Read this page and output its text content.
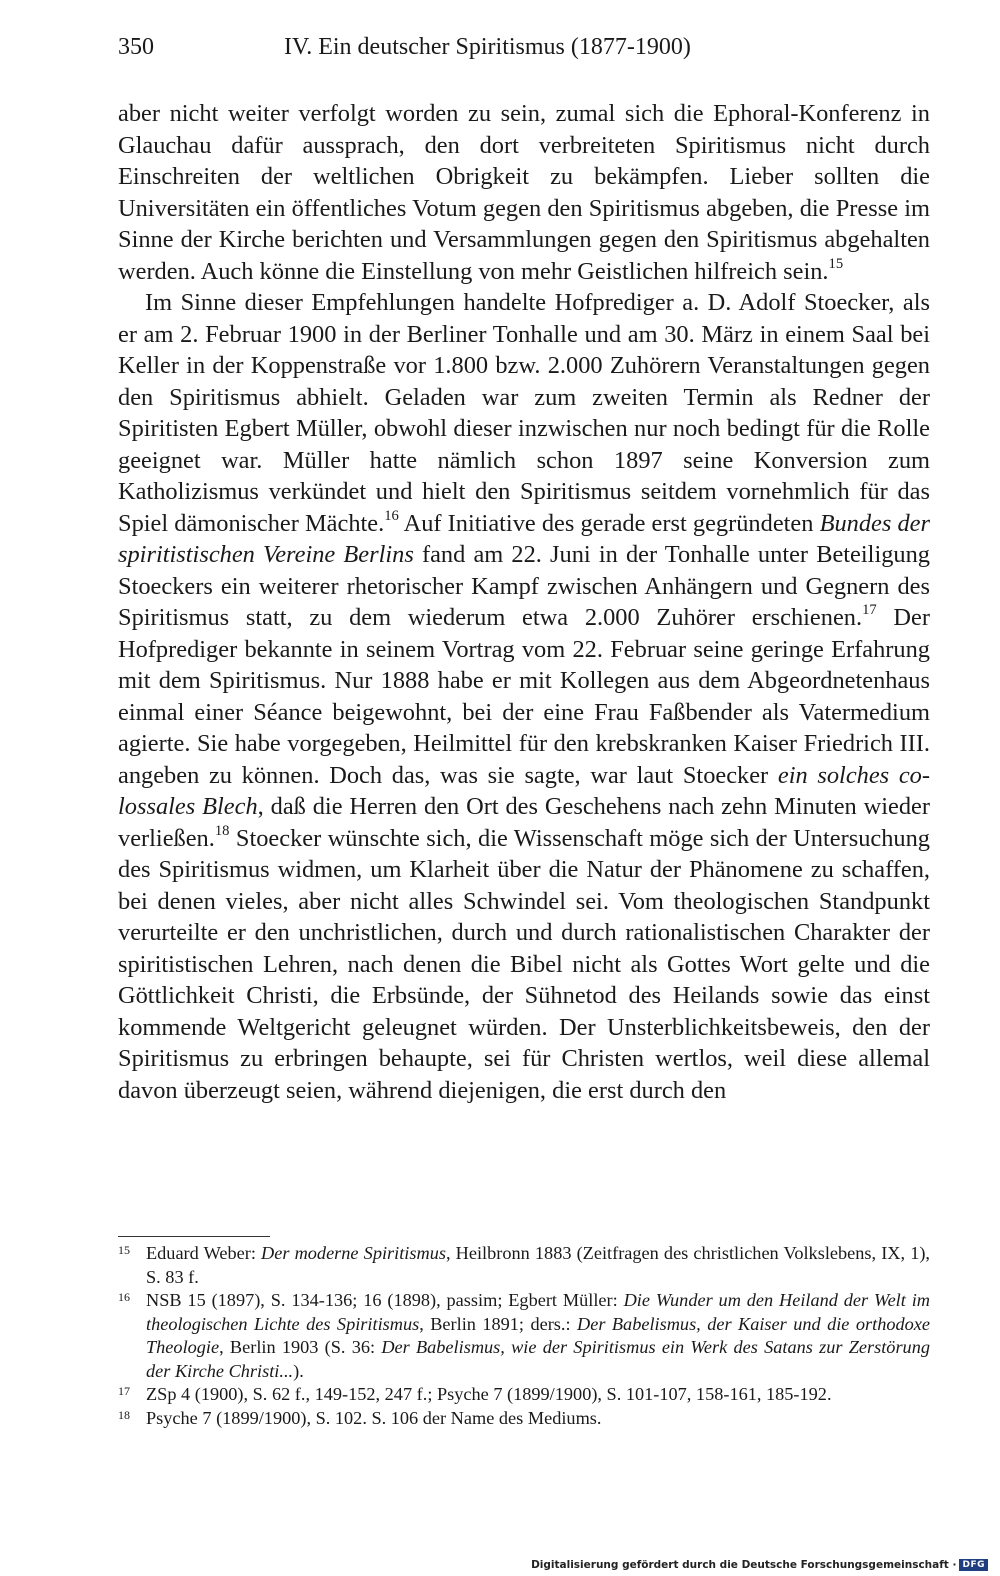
350	IV. Ein deutscher Spiritismus (1877-1900)

aber nicht weiter verfolgt worden zu sein, zumal sich die Ephoral-Konferenz in Glauchau dafür aussprach, den dort verbreiteten Spiritismus nicht durch Einschreiten der weltlichen Obrigkeit zu bekämpfen. Lieber sollten die Universitäten ein öffentliches Votum gegen den Spiritismus abgeben, die Presse im Sinne der Kirche berichten und Versammlungen gegen den Spiritismus abgehalten werden. Auch könne die Einstellung von mehr Geistlichen hilfreich sein.$^{15}$

Im Sinne dieser Empfehlungen handelte Hofprediger a. D. Adolf Stoecker, als er am 2. Februar 1900 in der Berliner Tonhalle und am 30. März in einem Saal bei Keller in der Koppenstraße vor 1.800 bzw. 2.000 Zuhörern Veranstaltungen gegen den Spiritismus abhielt. Geladen war zum zweiten Termin als Redner der Spiritisten Egbert Müller, obwohl dieser inzwischen nur noch bedingt für die Rolle geeignet war. Müller hatte nämlich schon 1897 seine Konversion zum Katholizismus verkündet und hielt den Spiritismus seitdem vornehmlich für das Spiel dämonischer Mächte.$^{16}$ Auf Initiative des gerade erst gegründeten Bundes der spiritistischen Vereine Berlins fand am 22. Juni in der Tonhalle unter Beteiligung Stoeckers ein weiterer rhetorischer Kampf zwischen Anhängern und Gegnern des Spiritismus statt, zu dem wiederum etwa 2.000 Zuhörer erschienen.$^{17}$ Der Hofprediger bekannte in seinem Vortrag vom 22. Februar seine geringe Erfahrung mit dem Spiritismus. Nur 1888 habe er mit Kollegen aus dem Abgeordnetenhaus einmal einer Séance beigewohnt, bei der eine Frau Faßbender als Vatermedium agierte. Sie habe vorgegeben, Heilmittel für den krebskranken Kaiser Friedrich III. angeben zu können. Doch das, was sie sagte, war laut Stoecker ein solches colossales Blech, daß die Herren den Ort des Geschehens nach zehn Minuten wieder verließen.$^{18}$ Stoecker wünschte sich, die Wissenschaft möge sich der Untersuchung des Spiritismus widmen, um Klarheit über die Natur der Phänomene zu schaffen, bei denen vieles, aber nicht alles Schwindel sei. Vom theologischen Standpunkt verurteilte er den unchristlichen, durch und durch rationalistischen Charakter der spiritistischen Lehren, nach denen die Bibel nicht als Gottes Wort gelte und die Göttlichkeit Christi, die Erbsünde, der Sühnetod des Heilands sowie das einst kommende Weltgericht geleugnet würden. Der Unsterblichkeitsbeweis, den der Spiritismus zu erbringen behaupte, sei für Christen wertlos, weil diese allemal davon überzeugt seien, während diejenigen, die erst durch den

15 Eduard Weber: Der moderne Spiritismus, Heilbronn 1883 (Zeitfragen des christlichen Volkslebens, IX, 1), S. 83 f.

16 NSB 15 (1897), S. 134-136; 16 (1898), passim; Egbert Müller: Die Wunder um den Heiland der Welt im theologischen Lichte des Spiritismus, Berlin 1891; ders.: Der Babelismus, der Kaiser und die orthodoxe Theologie, Berlin 1903 (S. 36: Der Babelismus, wie der Spiritismus ein Werk des Satans zur Zerstörung der Kirche Christi...).

17 ZSp 4 (1900), S. 62 f., 149-152, 247 f.; Psyche 7 (1899/1900), S. 101-107, 158-161, 185-192.

18 Psyche 7 (1899/1900), S. 102. S. 106 der Name des Mediums.

Digitalisierung gefördert durch die Deutsche Forschungsgemeinschaft · DFG
